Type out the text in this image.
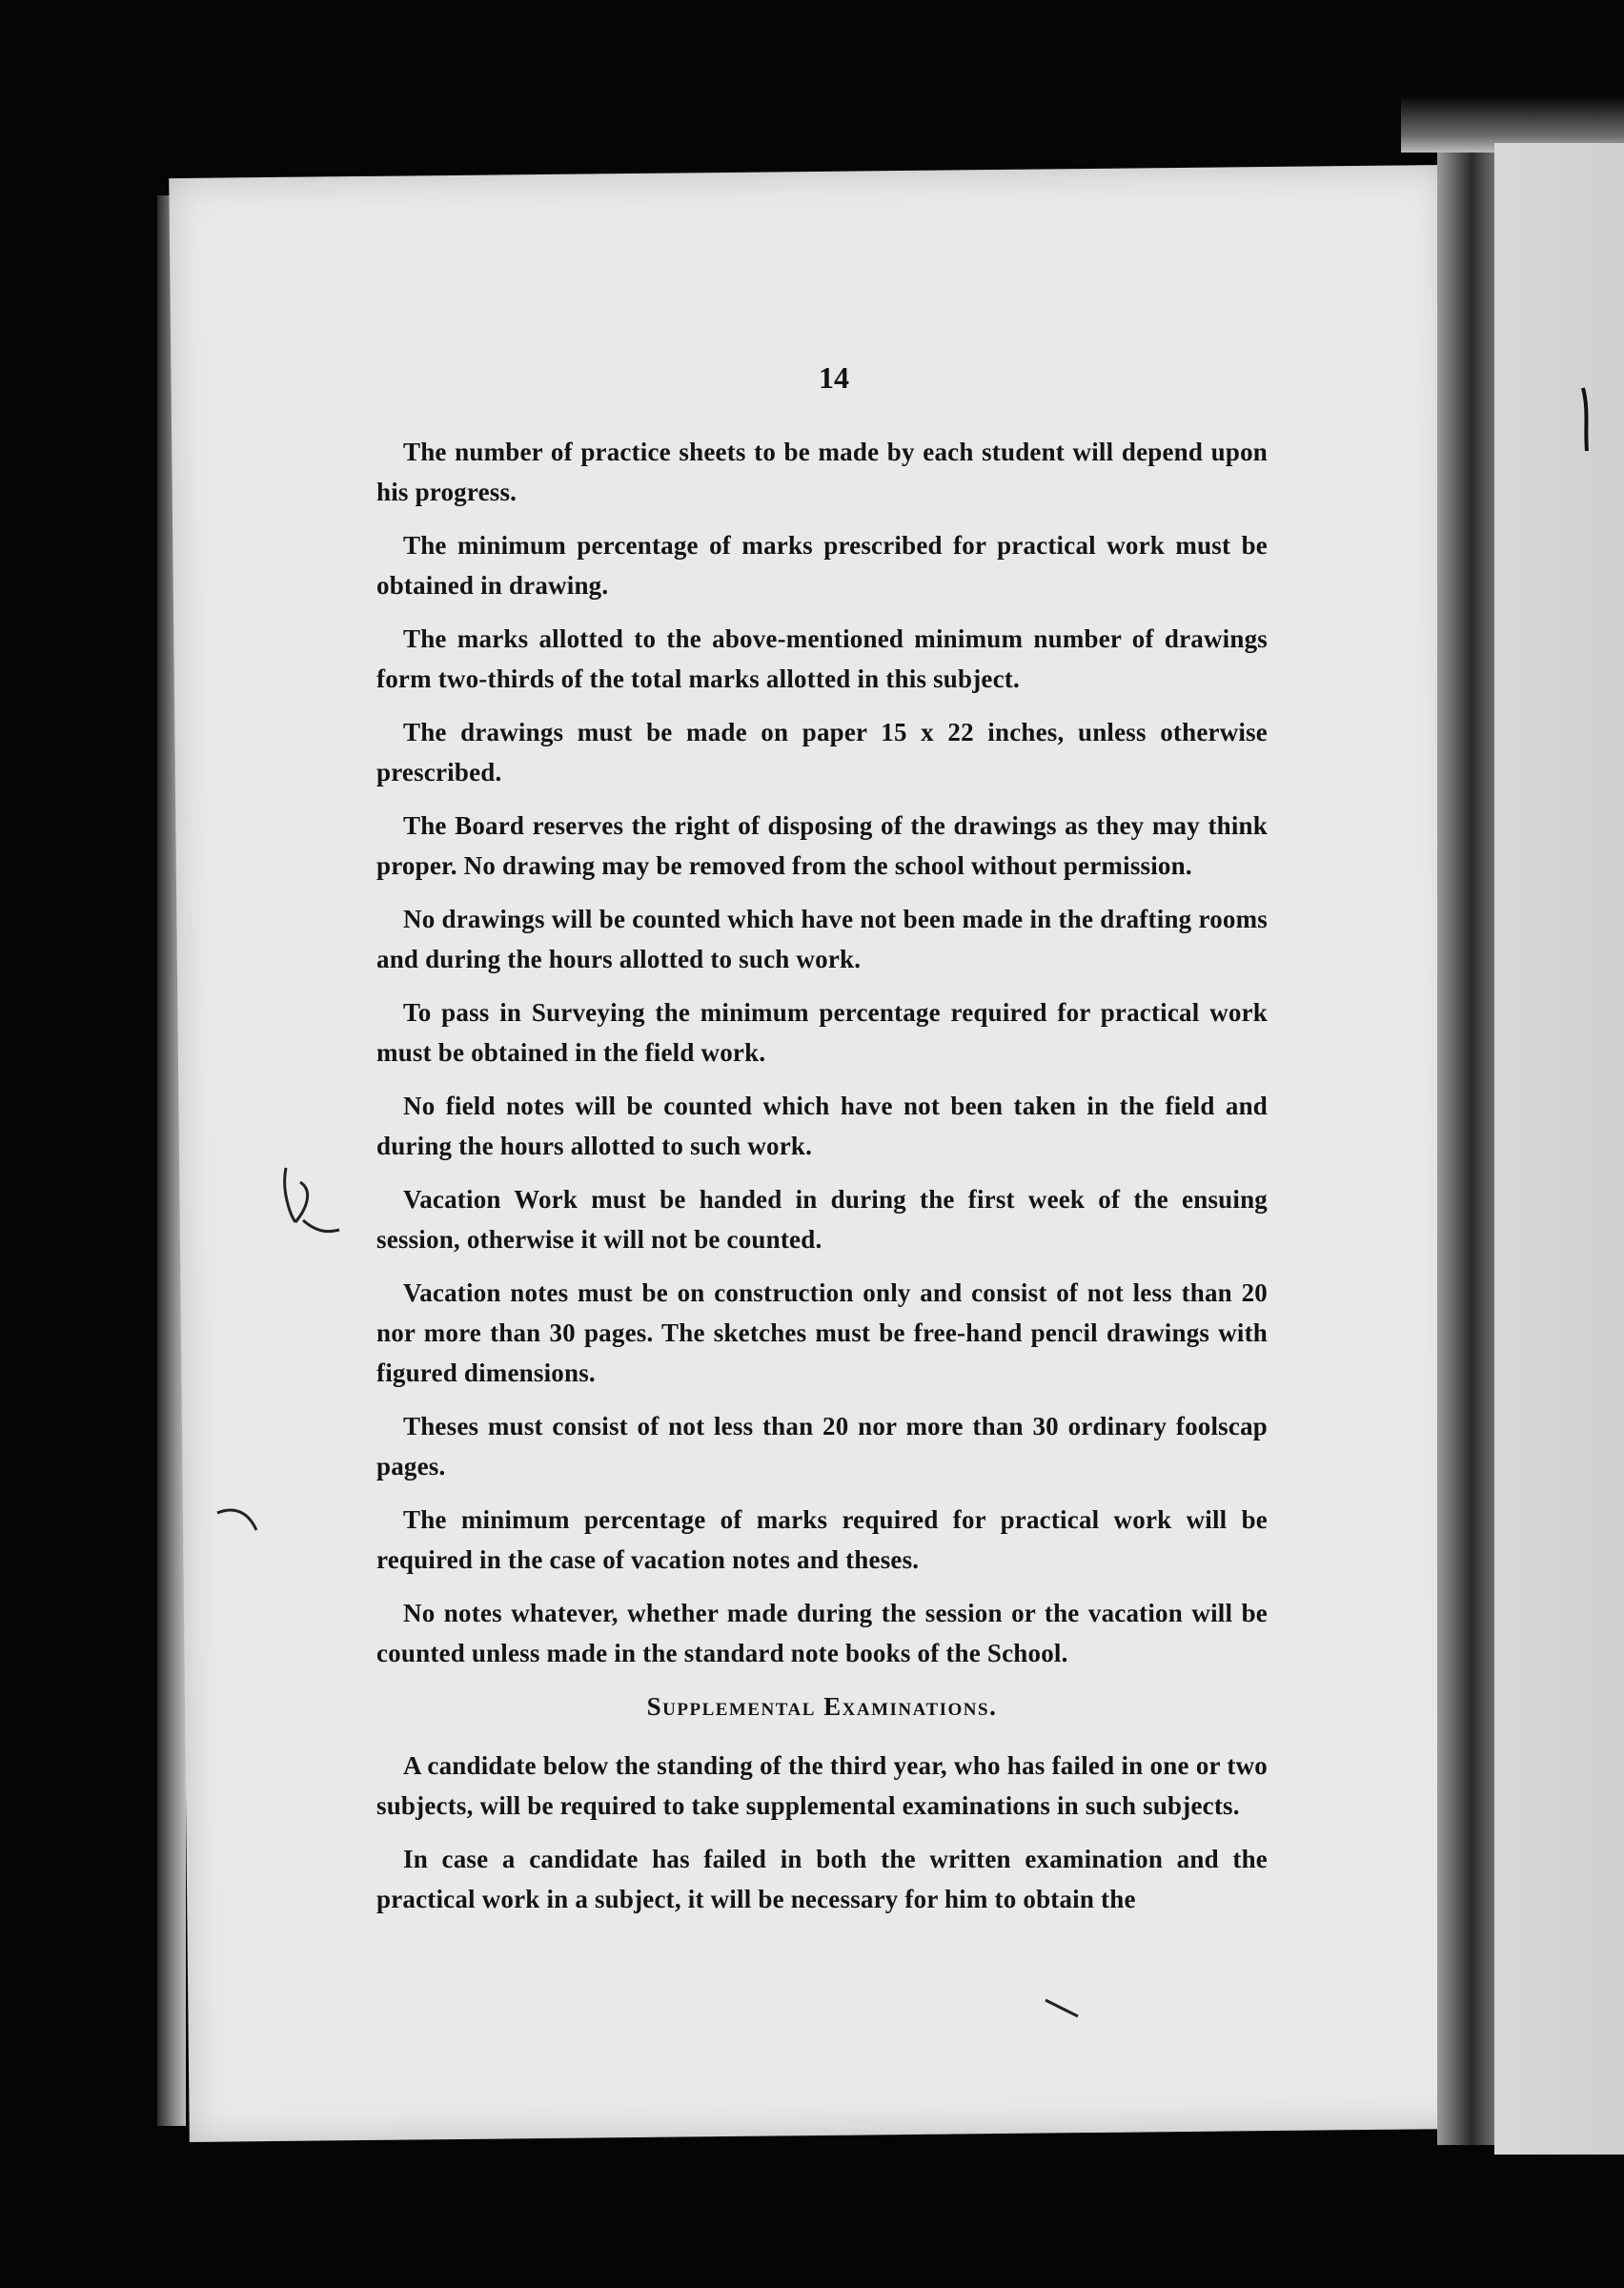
14

The number of practice sheets to be made by each student will depend upon his progress.

The minimum percentage of marks prescribed for practical work must be obtained in drawing.

The marks allotted to the above-mentioned minimum number of drawings form two-thirds of the total marks allotted in this subject.

The drawings must be made on paper 15 x 22 inches, unless otherwise prescribed.

The Board reserves the right of disposing of the drawings as they may think proper. No drawing may be removed from the school without permission.

No drawings will be counted which have not been made in the drafting rooms and during the hours allotted to such work.

To pass in Surveying the minimum percentage required for practical work must be obtained in the field work.

No field notes will be counted which have not been taken in the field and during the hours allotted to such work.

Vacation Work must be handed in during the first week of the ensuing session, otherwise it will not be counted.

Vacation notes must be on construction only and consist of not less than 20 nor more than 30 pages. The sketches must be free-hand pencil drawings with figured dimensions.

Theses must consist of not less than 20 nor more than 30 ordinary foolscap pages.

The minimum percentage of marks required for practical work will be required in the case of vacation notes and theses.

No notes whatever, whether made during the session or the vacation will be counted unless made in the standard note books of the School.

Supplemental Examinations.

A candidate below the standing of the third year, who has failed in one or two subjects, will be required to take supplemental examinations in such subjects.

In case a candidate has failed in both the written examination and the practical work in a subject, it will be necessary for him to obtain the
